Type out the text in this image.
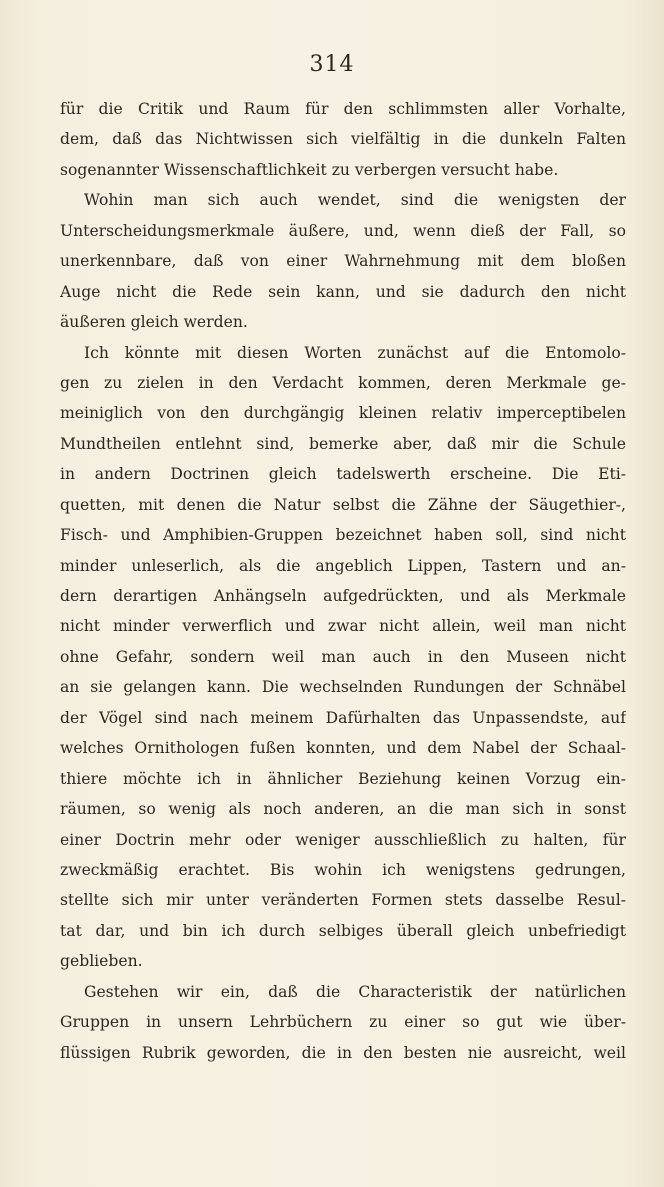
314
für die Critik und Raum für den schlimmsten aller Vorhalte,
dem, daß das Nichtwissen sich vielfältig in die dunkeln Falten
sogenannter Wissenschaftlichkeit zu verbergen versucht habe.
Wohin man sich auch wendet, sind die wenigsten der
Unterscheidungsmerkmale äußere, und, wenn dieß der Fall, so
unerkennbare, daß von einer Wahrnehmung mit dem bloßen
Auge nicht die Rede sein kann, und sie dadurch den nicht
äußeren gleich werden.
Ich könnte mit diesen Worten zunächst auf die Entomolo-
gen zu zielen in den Verdacht kommen, deren Merkmale ge-
meiniglich von den durchgängig kleinen relativ imperceptibelen
Mundtheilen entlehnt sind, bemerke aber, daß mir die Schule
in andern Doctrinen gleich tadelswerth erscheine. Die Eti-
quetten, mit denen die Natur selbst die Zähne der Säugethier-,
Fisch- und Amphibien-Gruppen bezeichnet haben soll, sind nicht
minder unleserlich, als die angeblich Lippen, Tastern und an-
dern derartigen Anhängseln aufgedrückten, und als Merkmale
nicht minder verwerflich und zwar nicht allein, weil man nicht
ohne Gefahr, sondern weil man auch in den Museen nicht
an sie gelangen kann. Die wechselnden Rundungen der Schnäbel
der Vögel sind nach meinem Dafürhalten das Unpassendste, auf
welches Ornithologen fußen konnten, und dem Nabel der Schaal-
thiere möchte ich in ähnlicher Beziehung keinen Vorzug ein-
räumen, so wenig als noch anderen, an die man sich in sonst
einer Doctrin mehr oder weniger ausschließlich zu halten, für
zweckmäßig erachtet. Bis wohin ich wenigstens gedrungen,
stellte sich mir unter veränderten Formen stets dasselbe Resul-
tat dar, und bin ich durch selbiges überall gleich unbefriedigt
geblieben.
Gestehen wir ein, daß die Characteristik der natürlichen
Gruppen in unsern Lehrbüchern zu einer so gut wie über-
flüssigen Rubrik geworden, die in den besten nie ausreicht, weil
